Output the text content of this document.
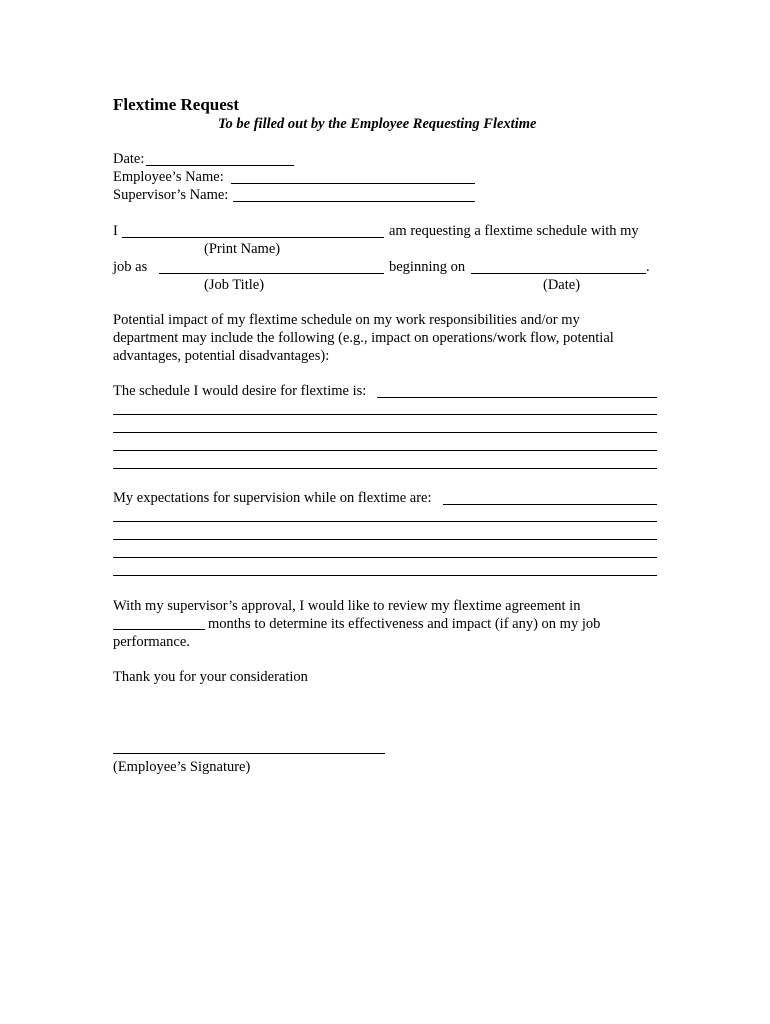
Flextime Request
To be filled out by the Employee Requesting Flextime
Date:
Employee’s Name:
Supervisor’s Name:
I	am requesting a flextime schedule with my
(Print Name)
job as	beginning on	.
(Job Title)	(Date)
Potential impact of my flextime schedule on my work responsibilities and/or my
department may include the following (e.g., impact on operations/work flow, potential
advantages, potential disadvantages):
The schedule I would desire for flextime is:
My expectations for supervision while on flextime are:
With my supervisor’s approval, I would like to review my flextime agreement in
months to determine its effectiveness and impact (if any) on my job
performance.
Thank you for your consideration
(Employee’s Signature)
